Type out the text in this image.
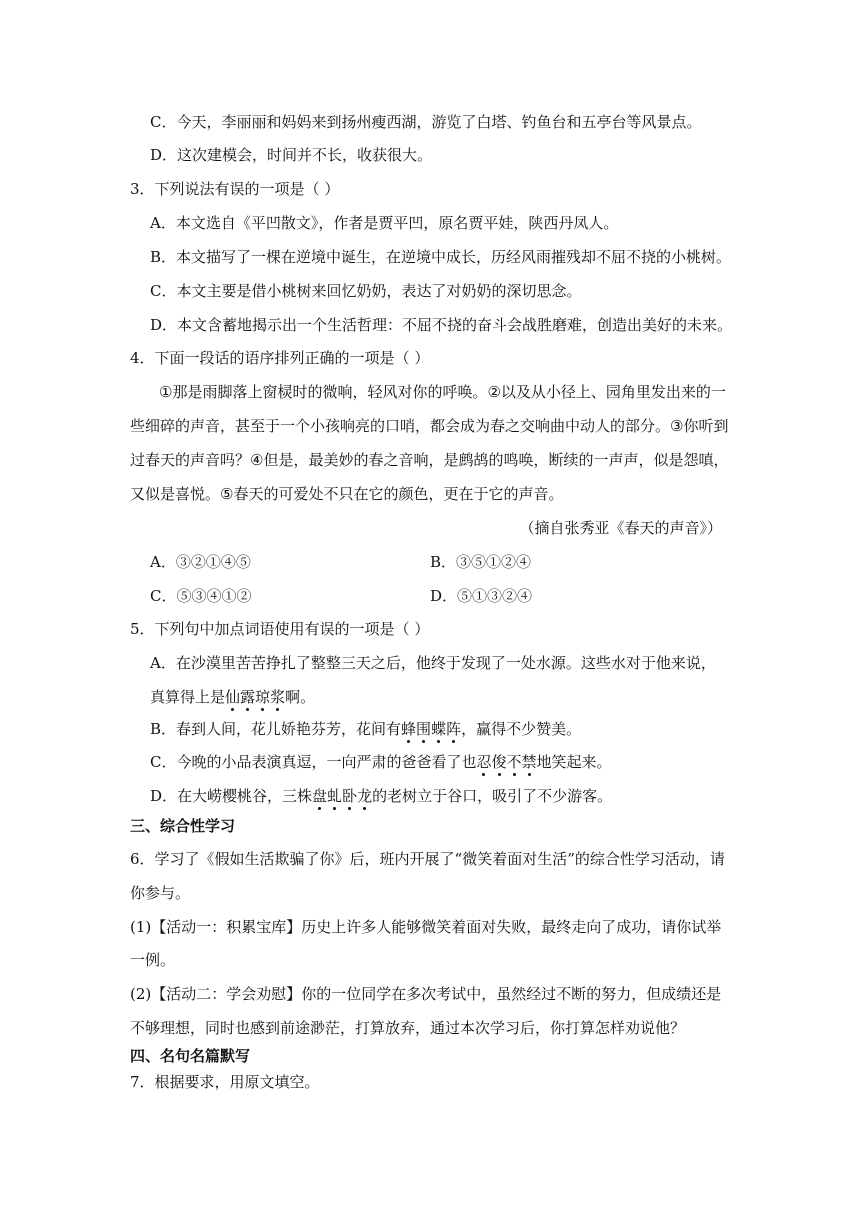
C．今天，李丽丽和妈妈来到扬州瘦西湖，游览了白塔、钓鱼台和五亭台等风景点。
D．这次建模会，时间并不长，收获很大。
3．下列说法有误的一项是（ ）
A．本文选自《平凹散文》，作者是贾平凹，原名贾平娃，陕西丹凤人。
B．本文描写了一棵在逆境中诞生，在逆境中成长，历经风雨摧残却不屈不挠的小桃树。
C．本文主要是借小桃树来回忆奶奶，表达了对奶奶的深切思念。
D．本文含蓄地揭示出一个生活哲理：不屈不挠的奋斗会战胜磨难，创造出美好的未来。
4．下面一段话的语序排列正确的一项是（ ）
①那是雨脚落上窗棂时的微响，轻风对你的呼唤。②以及从小径上、园角里发出来的一
些细碎的声音，甚至于一个小孩响亮的口哨，都会成为春之交响曲中动人的部分。③你听到
过春天的声音吗？④但是，最美妙的春之音响，是鹧鸪的鸣唤，断续的一声声，似是怨嗔，
又似是喜悦。⑤春天的可爱处不只在它的颜色，更在于它的声音。
（摘自张秀亚《春天的声音》）
A．③②①④⑤	B．③⑤①②④
C．⑤③④①②	D．⑤①③②④
5．下列句中加点词语使用有误的一项是（ ）
A．在沙漠里苦苦挣扎了整整三天之后，他终于发现了一处水源。这些水对于他来说，
真算得上是仙露琼浆啊。
B．春到人间，花儿娇艳芬芳，花间有蜂围蝶阵，赢得不少赞美。
C．今晚的小品表演真逗，一向严肃的爸爸看了也忍俊不禁地笑起来。
D．在大崂樱桃谷，三株盘虬卧龙的老树立于谷口，吸引了不少游客。
三、综合性学习
6．学习了《假如生活欺骗了你》后，班内开展了“微笑着面对生活”的综合性学习活动，请
你参与。
(1)【活动一：积累宝库】历史上许多人能够微笑着面对失败，最终走向了成功，请你试举
一例。
(2)【活动二：学会劝慰】你的一位同学在多次考试中，虽然经过不断的努力，但成绩还是
不够理想，同时也感到前途渺茫，打算放弃，通过本次学习后，你打算怎样劝说他？
四、名句名篇默写
7．根据要求，用原文填空。
